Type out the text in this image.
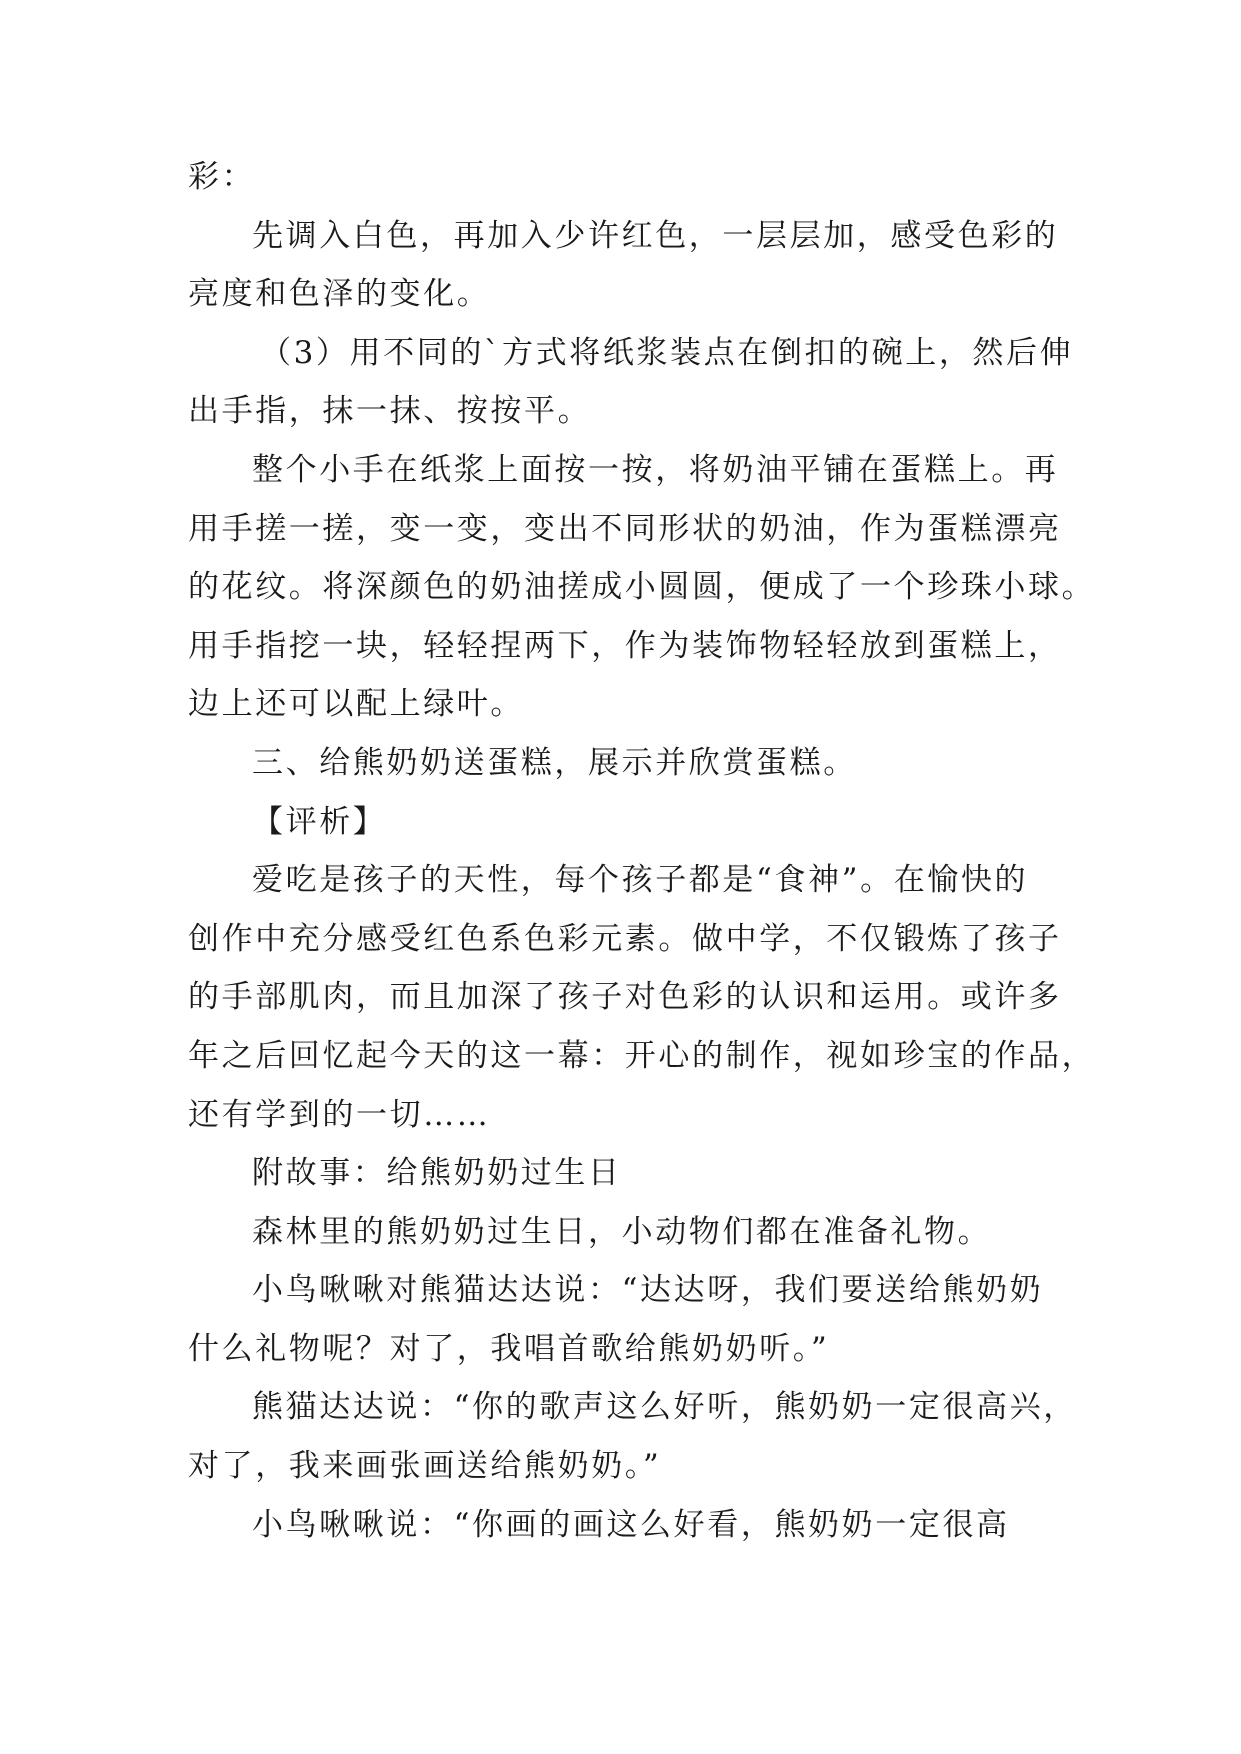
彩：
先调入白色，再加入少许红色，一层层加，感受色彩的
亮度和色泽的变化。
（3）用不同的`方式将纸浆装点在倒扣的碗上，然后伸
出手指，抹一抹、按按平。
整个小手在纸浆上面按一按，将奶油平铺在蛋糕上。再
用手搓一搓，变一变，变出不同形状的奶油，作为蛋糕漂亮
的花纹。将深颜色的奶油搓成小圆圆，便成了一个珍珠小球。
用手指挖一块，轻轻捏两下，作为装饰物轻轻放到蛋糕上，
边上还可以配上绿叶。
三、给熊奶奶送蛋糕，展示并欣赏蛋糕。
【评析】
爱吃是孩子的天性，每个孩子都是“食神”。在愉快的
创作中充分感受红色系色彩元素。做中学，不仅锻炼了孩子
的手部肌肉，而且加深了孩子对色彩的认识和运用。或许多
年之后回忆起今天的这一幕：开心的制作，视如珍宝的作品，
还有学到的一切……
附故事：给熊奶奶过生日
森林里的熊奶奶过生日，小动物们都在准备礼物。
小鸟啾啾对熊猫达达说：“达达呀，我们要送给熊奶奶
什么礼物呢？对了，我唱首歌给熊奶奶听。”
熊猫达达说：“你的歌声这么好听，熊奶奶一定很高兴，
对了，我来画张画送给熊奶奶。”
小鸟啾啾说：“你画的画这么好看，熊奶奶一定很高
